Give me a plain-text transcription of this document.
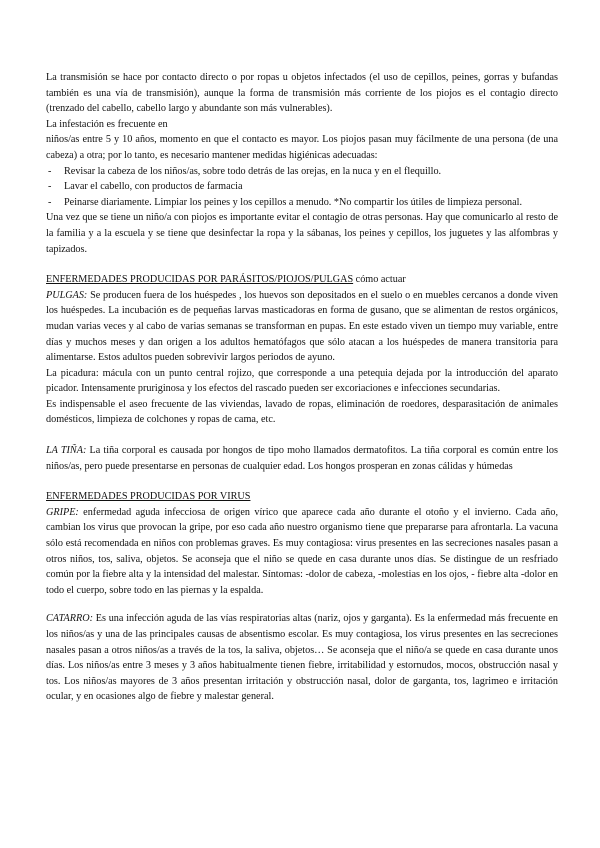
La transmisión se hace por contacto directo o por ropas u objetos infectados (el uso de cepillos, peines, gorras y bufandas también es una vía de transmisión), aunque la forma de transmisión más corriente de los piojos es el contagio directo (trenzado del cabello, cabello largo y abundante son más vulnerables).

La infestación es frecuente en

niños/as entre 5 y 10 años, momento en que el contacto es mayor. Los piojos pasan muy fácilmente de una persona (de una cabeza) a otra; por lo tanto, es necesario mantener medidas higiénicas adecuadas:

- Revisar la cabeza de los niños/as, sobre todo detrás de las orejas, en la nuca y en el flequillo.
- Lavar el cabello, con productos de farmacia
- Peinarse diariamente. Limpiar los peines y los cepillos a menudo. *No compartir los útiles de limpieza personal.

Una vez que se tiene un niño/a con piojos es importante evitar el contagio de otras personas. Hay que comunicarlo al resto de la familia y a la escuela y se tiene que desinfectar la ropa y la sábanas, los peines y cepillos, los juguetes y las alfombras y tapizados.

ENFERMEDADES PRODUCIDAS POR PARÁSITOS/PIOJOS/PULGAS cómo actuar

PULGAS: Se producen fuera de los huéspedes , los huevos son depositados en el suelo o en muebles cercanos a donde viven los huéspedes. La incubación es de pequeñas larvas masticadoras en forma de gusano, que se alimentan de restos orgánicos, mudan varias veces y al cabo de varias semanas se transforman en pupas. En este estado viven un tiempo muy variable, entre días y muchos meses y dan origen a los adultos hematófagos que sólo atacan a los huéspedes de manera transitoria para alimentarse. Estos adultos pueden sobrevivir largos periodos de ayuno.

La picadura: mácula con un punto central rojizo, que corresponde a una petequia dejada por la introducción del aparato picador. Intensamente pruriginosa y los efectos del rascado pueden ser excoriaciones e infecciones secundarias.

Es indispensable el aseo frecuente de las viviendas, lavado de ropas, eliminación de roedores, desparasitación de animales domésticos, limpieza de colchones y ropas de cama, etc.

LA TIÑA: La tiña corporal es causada por hongos de tipo moho llamados dermatofitos. La tiña corporal es común entre los niños/as, pero puede presentarse en personas de cualquier edad. Los hongos prosperan en zonas cálidas y húmedas

ENFERMEDADES PRODUCIDAS POR VIRUS

GRIPE: enfermedad aguda infecciosa de origen vírico que aparece cada año durante el otoño y el invierno. Cada año, cambian los virus que provocan la gripe, por eso cada año nuestro organismo tiene que prepararse para afrontarla. La vacuna sólo está recomendada en niños con problemas graves. Es muy contagiosa: virus presentes en las secreciones nasales pasan a otros niños, tos, saliva, objetos. Se aconseja que el niño se quede en casa durante unos días. Se distingue de un resfriado común por la fiebre alta y la intensidad del malestar. Síntomas: -dolor de cabeza, -molestias en los ojos, - fiebre alta -dolor en todo el cuerpo, sobre todo en las piernas y la espalda.

CATARRO: Es una infección aguda de las vías respiratorias altas (nariz, ojos y garganta). Es la enfermedad más frecuente en los niños/as y una de las principales causas de absentismo escolar. Es muy contagiosa, los virus presentes en las secreciones nasales pasan a otros niños/as a través de la tos, la saliva, objetos… Se aconseja que el niño/a se quede en casa durante unos días. Los niños/as entre 3 meses y 3 años habitualmente tienen fiebre, irritabilidad y estornudos, mocos, obstrucción nasal y tos. Los niños/as mayores de 3 años presentan irritación y obstrucción nasal, dolor de garganta, tos, lagrimeo e irritación ocular, y en ocasiones algo de fiebre y malestar general.
